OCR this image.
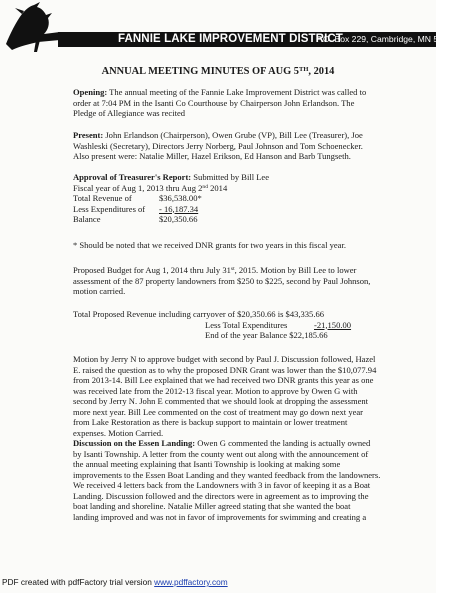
FANNIE LAKE IMPROVEMENT DISTRICT
P.O. Box 229, Cambridge, MN 55008
ANNUAL MEETING MINUTES OF AUG 5TH, 2014
Opening: The annual meeting of the Fannie Lake Improvement District was called to
order at 7:04 PM in the Isanti Co Courthouse by Chairperson John Erlandson. The
Pledge of Allegiance was recited
Present: John Erlandson (Chairperson), Owen Grube (VP), Bill Lee (Treasurer), Joe
Washleski (Secretary), Directors Jerry Norberg, Paul Johnson and Tom Schoenecker.
Also present were: Natalie Miller, Hazel Erikson, Ed Hanson and Barb Tungseth.
Approval of Treasurer's Report: Submitted by Bill Lee
Fiscal year of Aug 1, 2013 thru Aug 2nd 2014
Total Revenue of	$36,538.00*
Less Expenditures of - 16,187.34
Balance	$20,350.66
* Should be noted that we received DNR grants for two years in this fiscal year.
Proposed Budget for Aug 1, 2014 thru July 31st, 2015. Motion by Bill Lee to lower
assessment of the 87 property landowners from $250 to $225, second by Paul Johnson,
motion carried.
Total Proposed Revenue including carryover of $20,350.66 is $43,335.66
Less Total Expenditures	-21,150.00
End of the year Balance $22,185.66
Motion by Jerry N to approve budget with second by Paul J. Discussion followed, Hazel
E. raised the question as to why the proposed DNR Grant was lower than the $10,077.94
from 2013-14. Bill Lee explained that we had received two DNR grants this year as one
was received late from the 2012-13 fiscal year. Motion to approve by Owen G with
second by Jerry N. John E commented that we should look at dropping the assessment
more next year. Bill Lee commented on the cost of treatment may go down next year
from Lake Restoration as there is backup support to maintain or lower treatment
expenses. Motion Carried.
Discussion on the Essen Landing: Owen G commented the landing is actually owned
by Isanti Township. A letter from the county went out along with the announcement of
the annual meeting explaining that Isanti Township is looking at making some
improvements to the Essen Boat Landing and they wanted feedback from the landowners.
We received 4 letters back from the Landowners with 3 in favor of keeping it as a Boat
Landing. Discussion followed and the directors were in agreement as to improving the
boat landing and shoreline. Natalie Miller agreed stating that she wanted the boat
landing improved and was not in favor of improvements for swimming and creating a
PDF created with pdfFactory trial version www.pdffactory.com
